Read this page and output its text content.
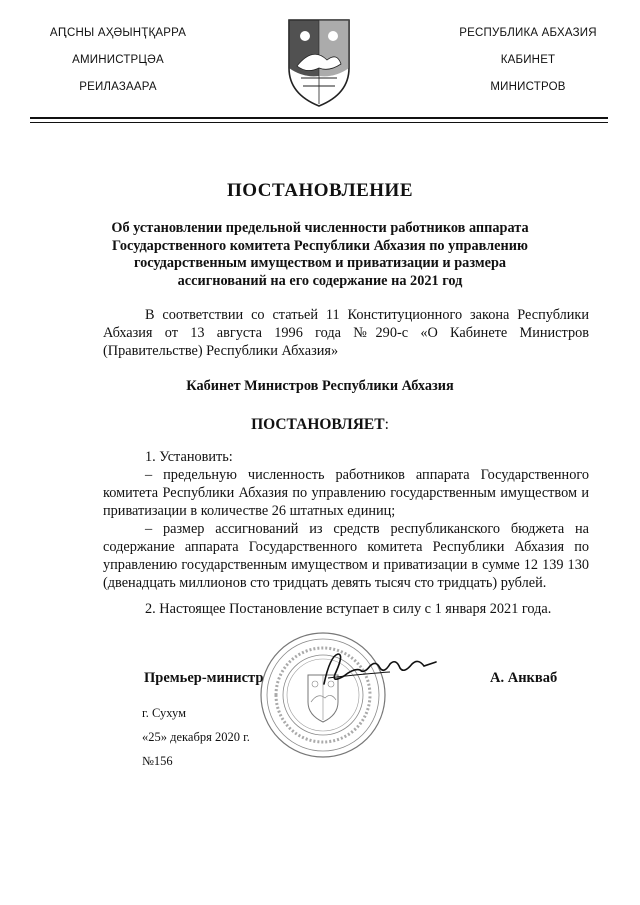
АԤСНЫ АҲӘЫНҬҚАРРА
АМИНИСТРЦӘА
РЕИЛАЗААРА
РЕСПУБЛИКА АБХАЗИЯ
КАБИНЕТ
МИНИСТРОВ
ПОСТАНОВЛЕНИЕ
Об установлении предельной численности работников аппарата Государственного комитета Республики Абхазия по управлению государственным имуществом и приватизации и размера ассигнований на его содержание на 2021 год
В соответствии со статьей 11 Конституционного закона Республики Абхазия от 13 августа 1996 года №290-с «О Кабинете Министров (Правительстве) Республики Абхазия»
Кабинет Министров Республики Абхазия
ПОСТАНОВЛЯЕТ:
1. Установить:
– предельную численность работников аппарата Государственного комитета Республики Абхазия по управлению государственным имуществом и приватизации в количестве 26 штатных единиц;
– размер ассигнований из средств республиканского бюджета на содержание аппарата Государственного комитета Республики Абхазия по управлению государственным имуществом и приватизации в сумме 12 139 130 (двенадцать миллионов сто тридцать девять тысяч сто тридцать) рублей.
2. Настоящее Постановление вступает в силу с 1 января 2021 года.
Премьер-министр	А. Анкваб
г. Сухум
«25» декабря 2020 г.
№156
